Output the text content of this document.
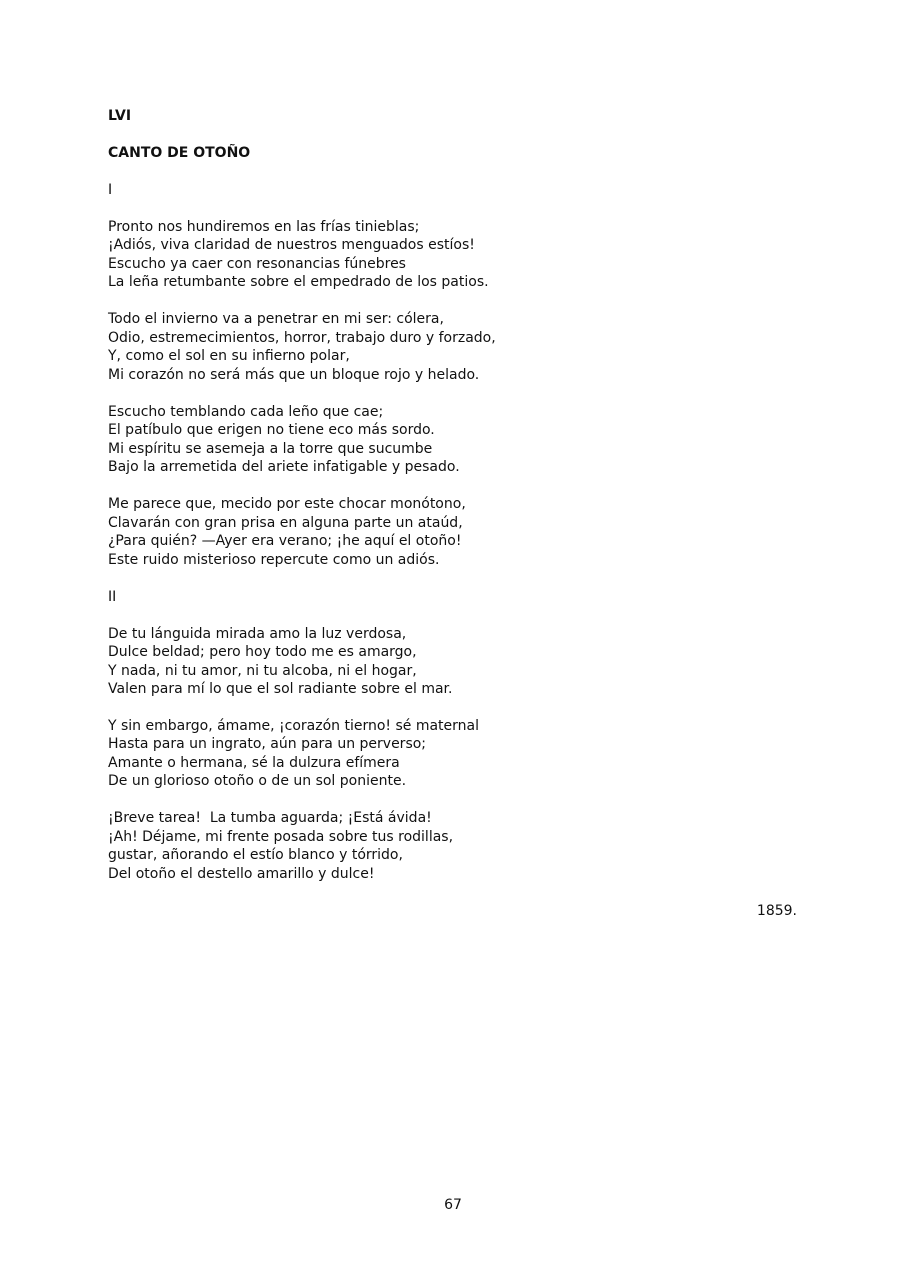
LVI
CANTO DE OTOÑO
I
Pronto nos hundiremos en las frías tinieblas;
¡Adiós, viva claridad de nuestros menguados estíos!
Escucho ya caer con resonancias fúnebres
La leña retumbante sobre el empedrado de los patios.
Todo el invierno va a penetrar en mi ser: cólera,
Odio, estremecimientos, horror, trabajo duro y forzado,
Y, como el sol en su infierno polar,
Mi corazón no será más que un bloque rojo y helado.
Escucho temblando cada leño que cae;
El patíbulo que erigen no tiene eco más sordo.
Mi espíritu se asemeja a la torre que sucumbe
Bajo la arremetida del ariete infatigable y pesado.
Me parece que, mecido por este chocar monótono,
Clavarán con gran prisa en alguna parte un ataúd,
¿Para quién? —Ayer era verano; ¡he aquí el otoño!
Este ruido misterioso repercute como un adiós.
II
De tu lánguida mirada amo la luz verdosa,
Dulce beldad; pero hoy todo me es amargo,
Y nada, ni tu amor, ni tu alcoba, ni el hogar,
Valen para mí lo que el sol radiante sobre el mar.
Y sin embargo, ámame, ¡corazón tierno! sé maternal
Hasta para un ingrato, aún para un perverso;
Amante o hermana, sé la dulzura efímera
De un glorioso otoño o de un sol poniente.
¡Breve tarea!  La tumba aguarda; ¡Está ávida!
¡Ah! Déjame, mi frente posada sobre tus rodillas,
gustar, añorando el estío blanco y tórrido,
Del otoño el destello amarillo y dulce!
1859.
67
